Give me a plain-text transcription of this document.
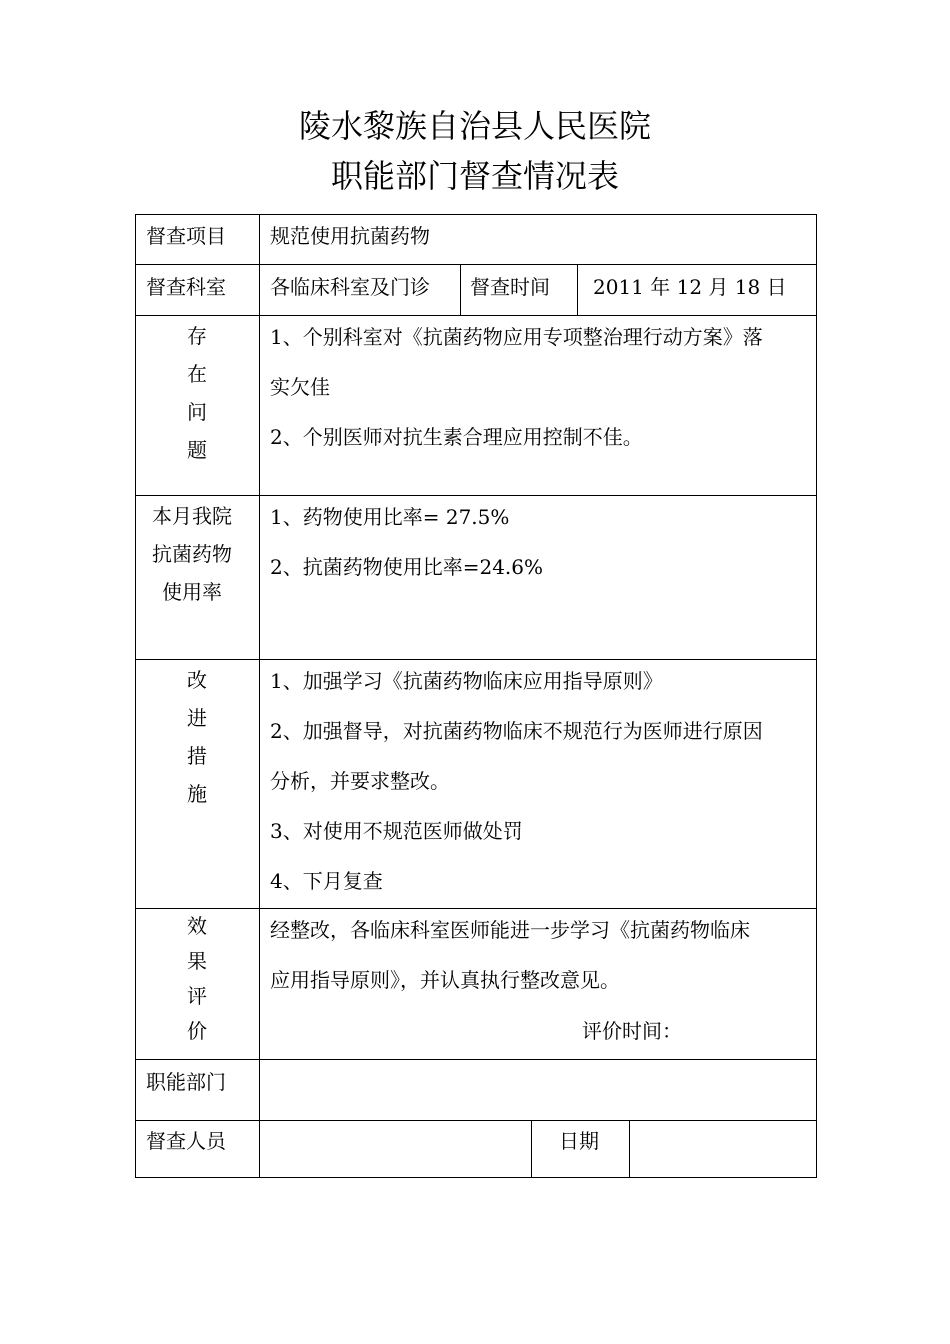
陵水黎族自治县人民医院
职能部门督查情况表
督查项目 规范使用抗菌药物
督查科室 各临床科室及门诊 督查时间 2011 年 12 月 18 日
存
在
问
题
1、个别科室对《抗菌药物应用专项整治理行动方案》落
实欠佳
2、个别医师对抗生素合理应用控制不佳。
本月我院
抗菌药物
使用率
1、药物使用比率= 27.5%
2、抗菌药物使用比率=24.6%
改
进
措
施
1、加强学习《抗菌药物临床应用指导原则》
2、加强督导，对抗菌药物临床不规范行为医师进行原因
分析，并要求整改。
3、对使用不规范医师做处罚
4、下月复查
效
果
评
价
经整改，各临床科室医师能进一步学习《抗菌药物临床
应用指导原则》，并认真执行整改意见。
评价时间：
职能部门
督查人员	日期
